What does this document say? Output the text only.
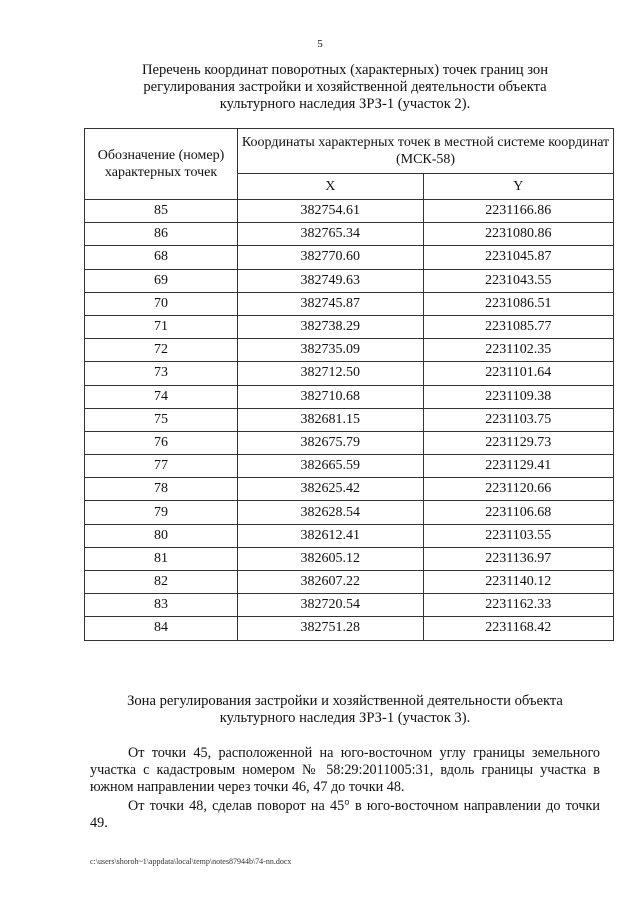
5
Перечень координат поворотных (характерных) точек границ зон
регулирования застройки и хозяйственной деятельности объекта
культурного наследия ЗРЗ-1 (участок 2).
Обозначение (номер) характерных точек	Координаты характерных точек в местной системе координат (МСК-58)	
	X	Y
85	382754.61	2231166.86
86	382765.34	2231080.86
68	382770.60	2231045.87
69	382749.63	2231043.55
70	382745.87	2231086.51
71	382738.29	2231085.77
72	382735.09	2231102.35
73	382712.50	2231101.64
74	382710.68	2231109.38
75	382681.15	2231103.75
76	382675.79	2231129.73
77	382665.59	2231129.41
78	382625.42	2231120.66
79	382628.54	2231106.68
80	382612.41	2231103.55
81	382605.12	2231136.97
82	382607.22	2231140.12
83	382720.54	2231162.33
84	382751.28	2231168.42
Зона регулирования застройки и хозяйственной деятельности объекта
культурного наследия ЗРЗ-1 (участок 3).
От точки 45, расположенной на юго-восточном углу границы земельного участка с кадастровым номером № 58:29:2011005:31, вдоль границы участка в южном направлении через точки 46, 47 до точки 48.
От точки 48, сделав поворот на 45° в юго-восточном направлении до точки 49.
c:\users\shoroh~1\appdata\local\temp\notes87944b\74-nn.docx
